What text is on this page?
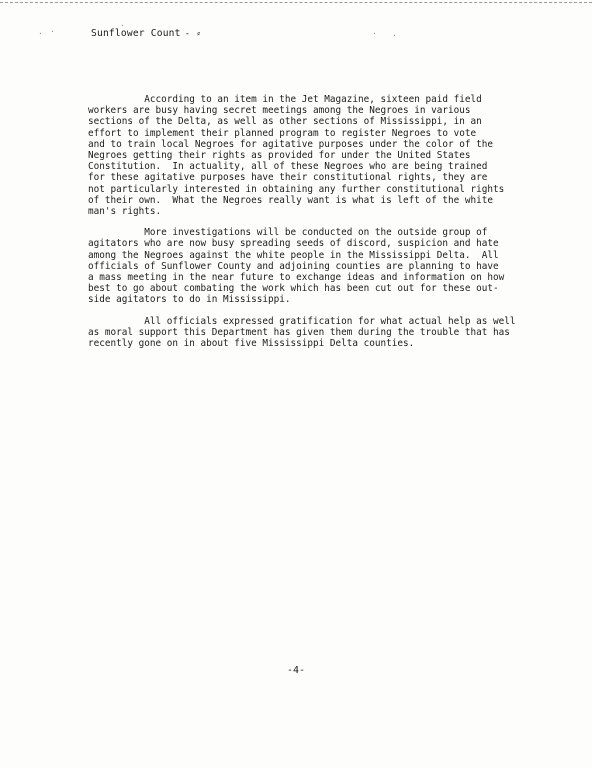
· ·	· ·
·
Sunflower Count - ⸗
According to an item in the Jet Magazine, sixteen paid field
workers are busy having secret meetings among the Negroes in various
sections of the Delta, as well as other sections of Mississippi, in an
effort to implement their planned program to register Negroes to vote
and to train local Negroes for agitative purposes under the color of the
Negroes getting their rights as provided for under the United States
Constitution.  In actuality, all of these Negroes who are being trained
for these agitative purposes have their constitutional rights, they are
not particularly interested in obtaining any further constitutional rights
of their own.  What the Negroes really want is what is left of the white
man's rights.
More investigations will be conducted on the outside group of
agitators who are now busy spreading seeds of discord, suspicion and hate
among the Negroes against the white people in the Mississippi Delta.  All
officials of Sunflower County and adjoining counties are planning to have
a mass meeting in the near future to exchange ideas and information on how
best to go about combating the work which has been cut out for these out-
side agitators to do in Mississippi.
All officials expressed gratification for what actual help as well
as moral support this Department has given them during the trouble that has
recently gone on in about five Mississippi Delta counties.
-4-
